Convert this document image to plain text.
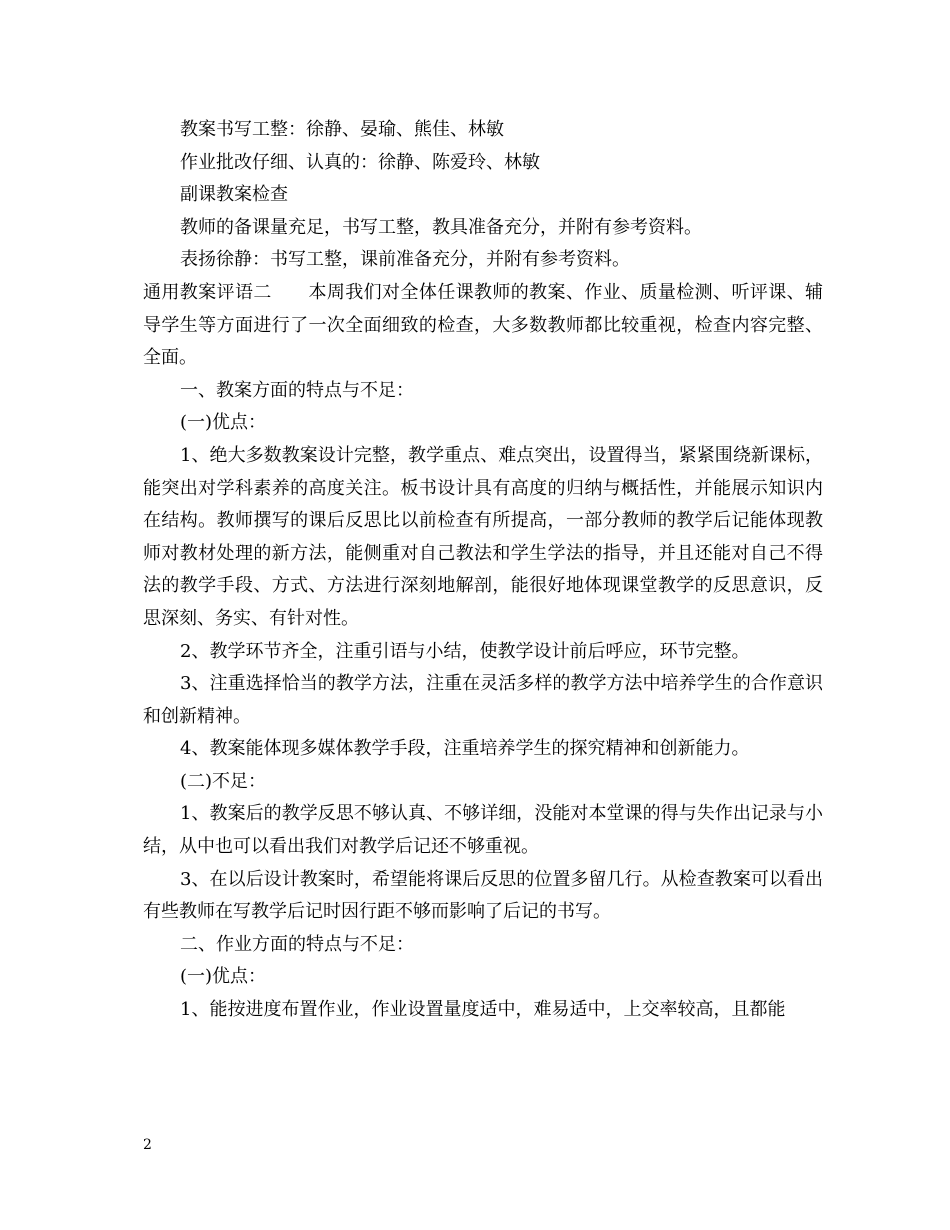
教案书写工整：徐静、晏瑜、熊佳、林敏

作业批改仔细、认真的：徐静、陈爱玲、林敏

副课教案检查

教师的备课量充足，书写工整，教具准备充分，并附有参考资料。

表扬徐静：书写工整，课前准备充分，并附有参考资料。

通用教案评语二　　本周我们对全体任课教师的教案、作业、质量检测、听评课、辅导学生等方面进行了一次全面细致的检查，大多数教师都比较重视，检查内容完整、全面。

一、教案方面的特点与不足：

(一)优点：

1、绝大多数教案设计完整，教学重点、难点突出，设置得当，紧紧围绕新课标，能突出对学科素养的高度关注。板书设计具有高度的归纳与概括性，并能展示知识内在结构。教师撰写的课后反思比以前检查有所提高，一部分教师的教学后记能体现教师对教材处理的新方法，能侧重对自己教法和学生学法的指导，并且还能对自己不得法的教学手段、方式、方法进行深刻地解剖，能很好地体现课堂教学的反思意识，反思深刻、务实、有针对性。

2、教学环节齐全，注重引语与小结，使教学设计前后呼应，环节完整。

3、注重选择恰当的教学方法，注重在灵活多样的教学方法中培养学生的合作意识和创新精神。

4、教案能体现多媒体教学手段，注重培养学生的探究精神和创新能力。

(二)不足：

1、教案后的教学反思不够认真、不够详细，没能对本堂课的得与失作出记录与小结，从中也可以看出我们对教学后记还不够重视。

3、在以后设计教案时，希望能将课后反思的位置多留几行。从检查教案可以看出有些教师在写教学后记时因行距不够而影响了后记的书写。

二、作业方面的特点与不足：

(一)优点：

1、能按进度布置作业，作业设置量度适中，难易适中，上交率较高，且都能

2
